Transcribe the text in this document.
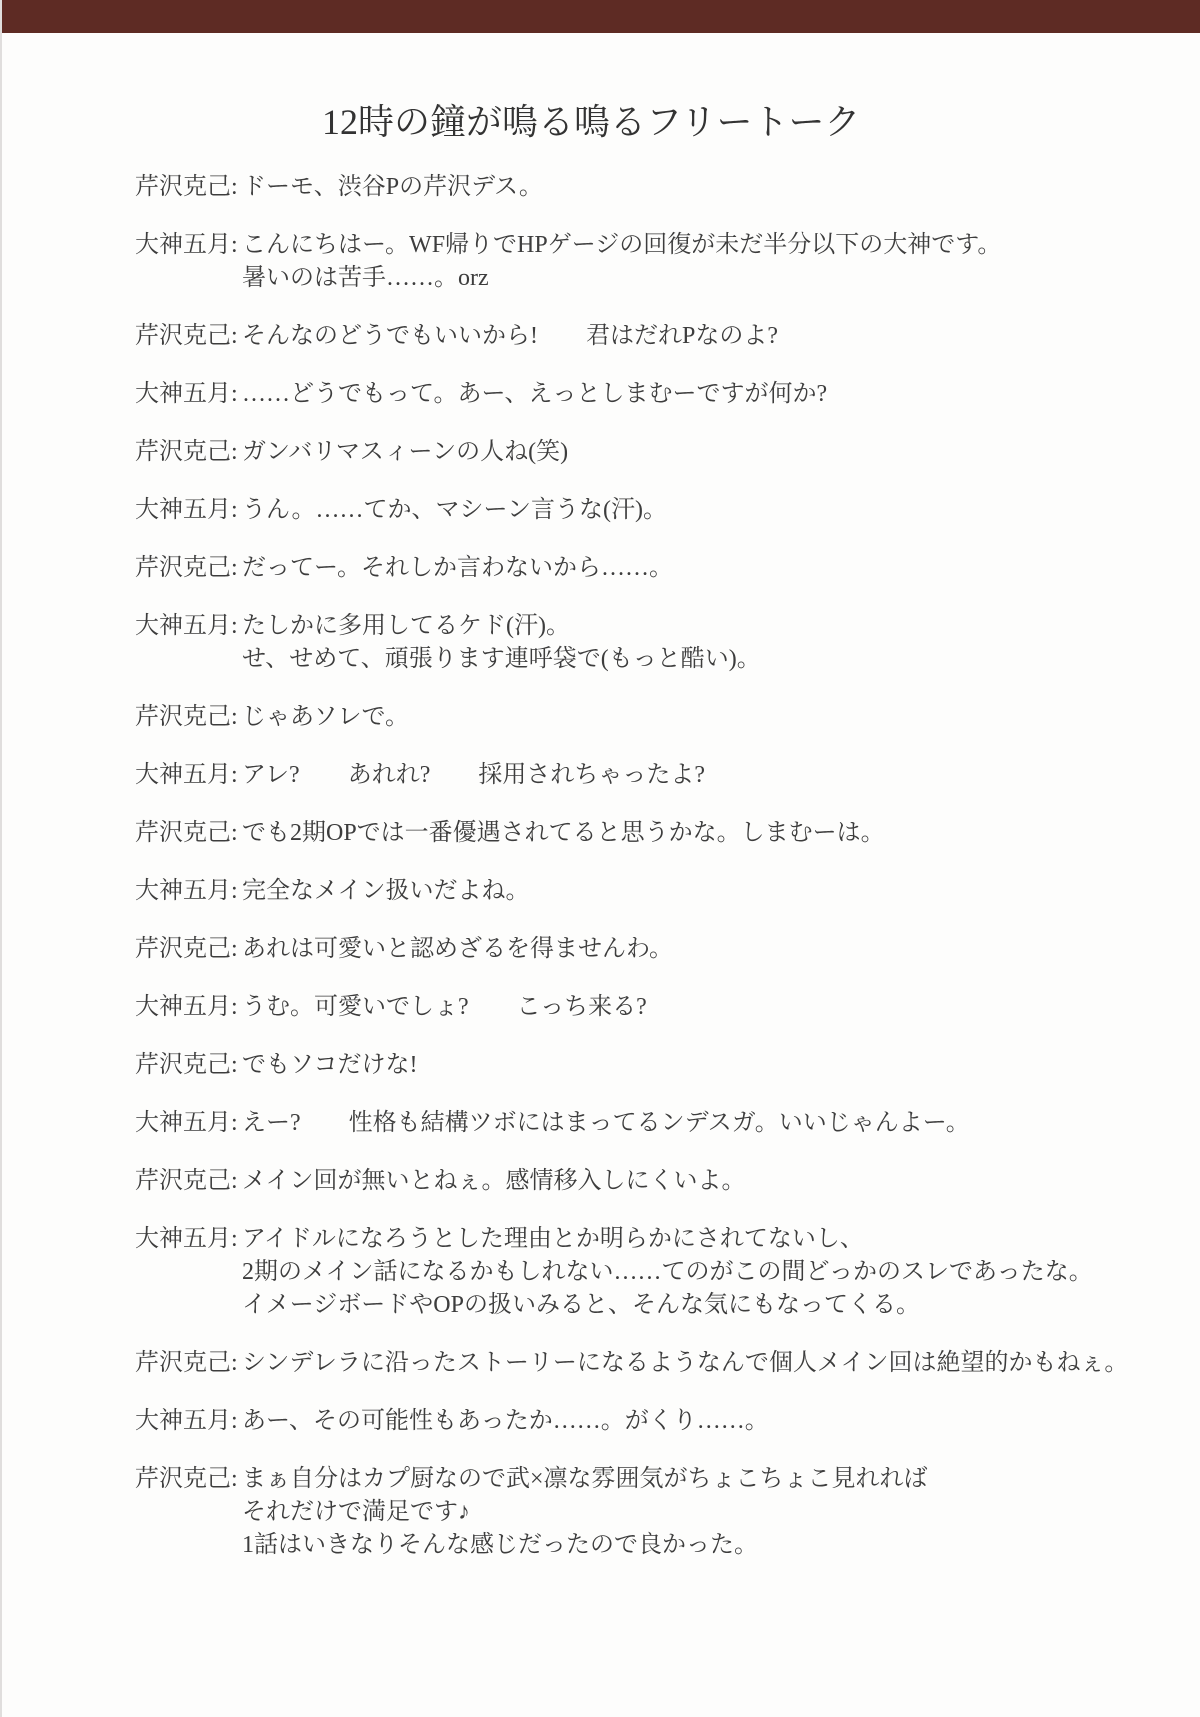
12時の鐘が鳴る鳴るフリートーク
芹沢克己: ドーモ、渋谷Pの芹沢デス。
大神五月: こんにちはー。WF帰りでHPゲージの回復が未だ半分以下の大神です。
暑いのは苦手……。orz
芹沢克己: そんなのどうでもいいから!　　君はだれPなのよ?
大神五月: ……どうでもって。あー、えっとしまむーですが何か?
芹沢克己: ガンバリマスィーンの人ね(笑)
大神五月: うん。……てか、マシーン言うな(汗)。
芹沢克己: だってー。それしか言わないから……。
大神五月: たしかに多用してるケド(汗)。
せ、せめて、頑張ります連呼袋で(もっと酷い)。
芹沢克己: じゃあソレで。
大神五月: アレ?　　あれれ?　　採用されちゃったよ?
芹沢克己: でも2期OPでは一番優遇されてると思うかな。しまむーは。
大神五月: 完全なメイン扱いだよね。
芹沢克己: あれは可愛いと認めざるを得ませんわ。
大神五月: うむ。可愛いでしょ?　　こっち来る?
芹沢克己: でもソコだけな!
大神五月: えー?　　性格も結構ツボにはまってるンデスガ。いいじゃんよー。
芹沢克己: メイン回が無いとねぇ。感情移入しにくいよ。
大神五月: アイドルになろうとした理由とか明らかにされてないし、
2期のメイン話になるかもしれない……てのがこの間どっかのスレであったな。
イメージボードやOPの扱いみると、そんな気にもなってくる。
芹沢克己: シンデレラに沿ったストーリーになるようなんで個人メイン回は絶望的かもねぇ。
大神五月: あー、その可能性もあったか……。がくり……。
芹沢克己: まぁ自分はカプ厨なので武×凛な雰囲気がちょこちょこ見れれば
それだけで満足です♪
1話はいきなりそんな感じだったので良かった。
